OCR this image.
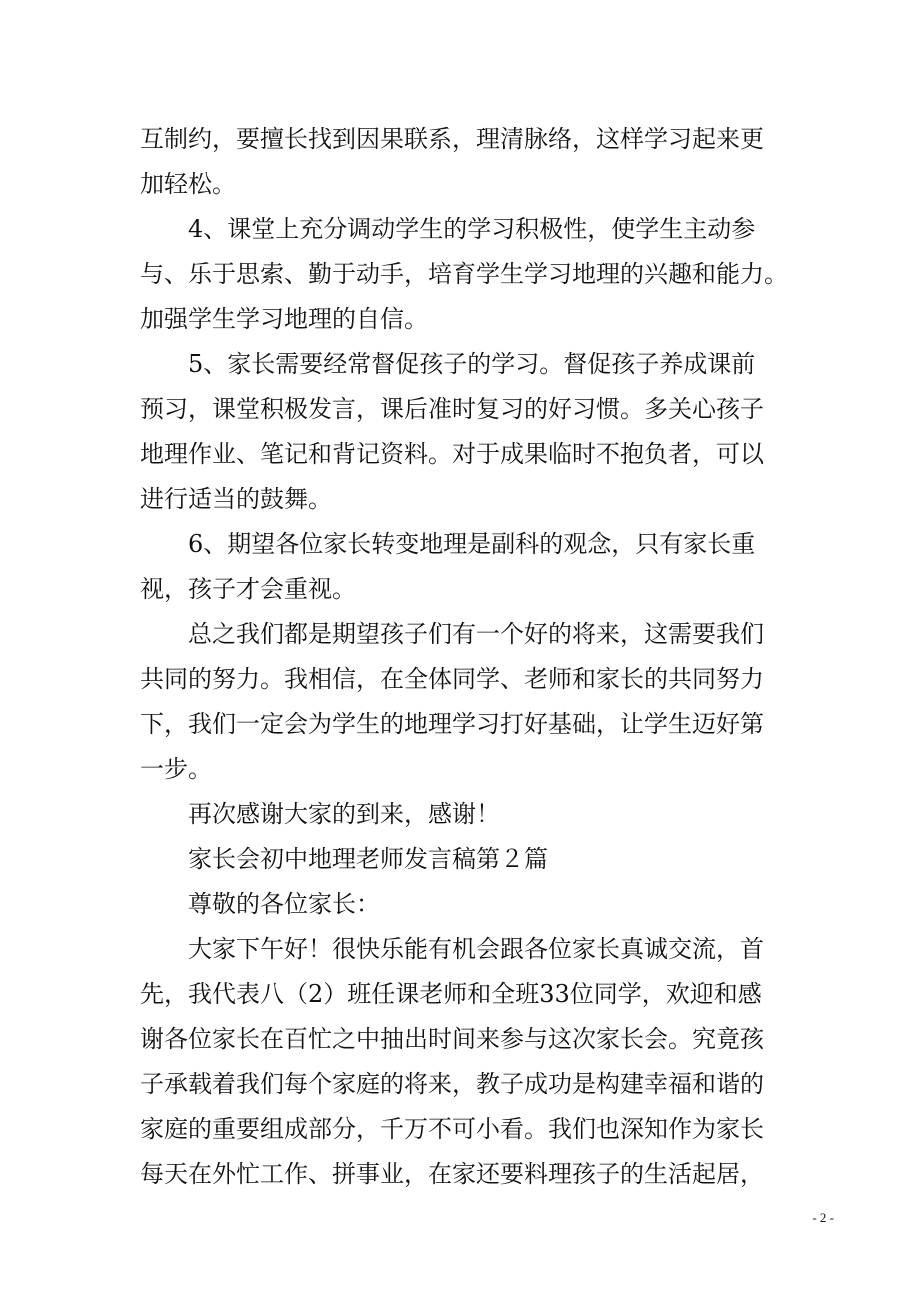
互制约，要擅长找到因果联系，理清脉络，这样学习起来更

加轻松。

4、课堂上充分调动学生的学习积极性，使学生主动参

与、乐于思索、勤于动手，培育学生学习地理的兴趣和能力。

加强学生学习地理的自信。

5、家长需要经常督促孩子的学习。督促孩子养成课前

预习，课堂积极发言，课后准时复习的好习惯。多关心孩子

地理作业、笔记和背记资料。对于成果临时不抱负者，可以

进行适当的鼓舞。

6、期望各位家长转变地理是副科的观念，只有家长重

视，孩子才会重视。

总之我们都是期望孩子们有一个好的将来，这需要我们

共同的努力。我相信，在全体同学、老师和家长的共同努力

下，我们一定会为学生的地理学习打好基础，让学生迈好第

一步。

再次感谢大家的到来，感谢！

家长会初中地理老师发言稿第２篇

尊敬的各位家长：

大家下午好！很快乐能有机会跟各位家长真诚交流，首

先，我代表八（2）班任课老师和全班33位同学，欢迎和感

谢各位家长在百忙之中抽出时间来参与这次家长会。究竟孩

子承载着我们每个家庭的将来，教子成功是构建幸福和谐的

家庭的重要组成部分，千万不可小看。我们也深知作为家长

每天在外忙工作、拼事业，在家还要料理孩子的生活起居，

- 2 -
